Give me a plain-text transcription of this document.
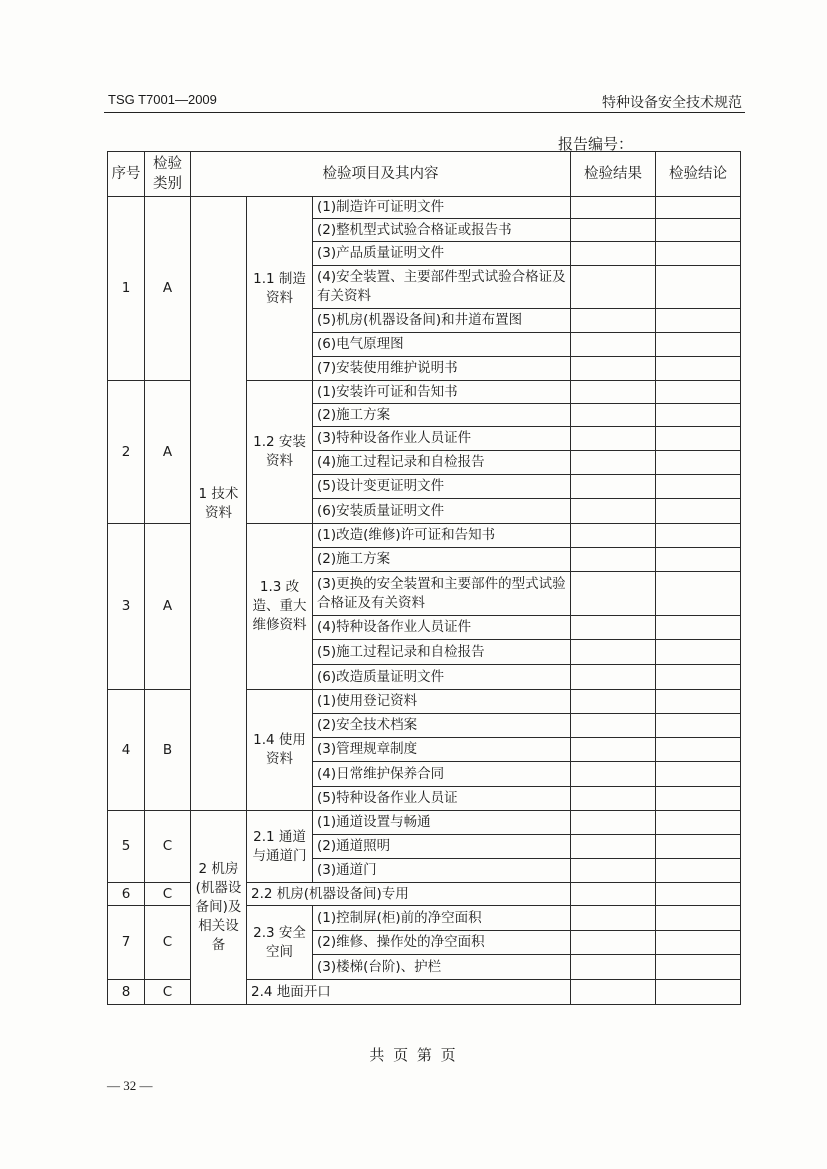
TSG T7001—2009	特种设备安全技术规范
报告编号：
序号	检验类别	检验项目及其内容			检验结果	检验结论
1	A	1 技术资料	1.1 制造资料	(1)制造许可证明文件		
				(2)整机型式试验合格证或报告书		
				(3)产品质量证明文件		
				(4)安全装置、主要部件型式试验合格证及有关资料		
				(5)机房(机器设备间)和井道布置图		
				(6)电气原理图		
				(7)安装使用维护说明书		
2	A		1.2 安装资料	(1)安装许可证和告知书		
				(2)施工方案		
				(3)特种设备作业人员证件		
				(4)施工过程记录和自检报告		
				(5)设计变更证明文件		
				(6)安装质量证明文件		
3	A		1.3 改造、重大维修资料	(1)改造(维修)许可证和告知书		
				(2)施工方案		
				(3)更换的安全装置和主要部件的型式试验合格证及有关资料		
				(4)特种设备作业人员证件		
				(5)施工过程记录和自检报告		
				(6)改造质量证明文件		
4	B		1.4 使用资料	(1)使用登记资料		
				(2)安全技术档案		
				(3)管理规章制度		
				(4)日常维护保养合同		
				(5)特种设备作业人员证		
5	C	2 机房(机器设备间)及相关设备	2.1 通道与通道门	(1)通道设置与畅通		
				(2)通道照明		
				(3)通道门		
6	C		2.2 机房(机器设备间)专用			
7	C		2.3 安全空间	(1)控制屏(柜)前的净空面积		
				(2)维修、操作处的净空面积		
				(3)楼梯(台阶)、护栏		
8	C		2.4 地面开口			
共 页 第 页
— 32 —
